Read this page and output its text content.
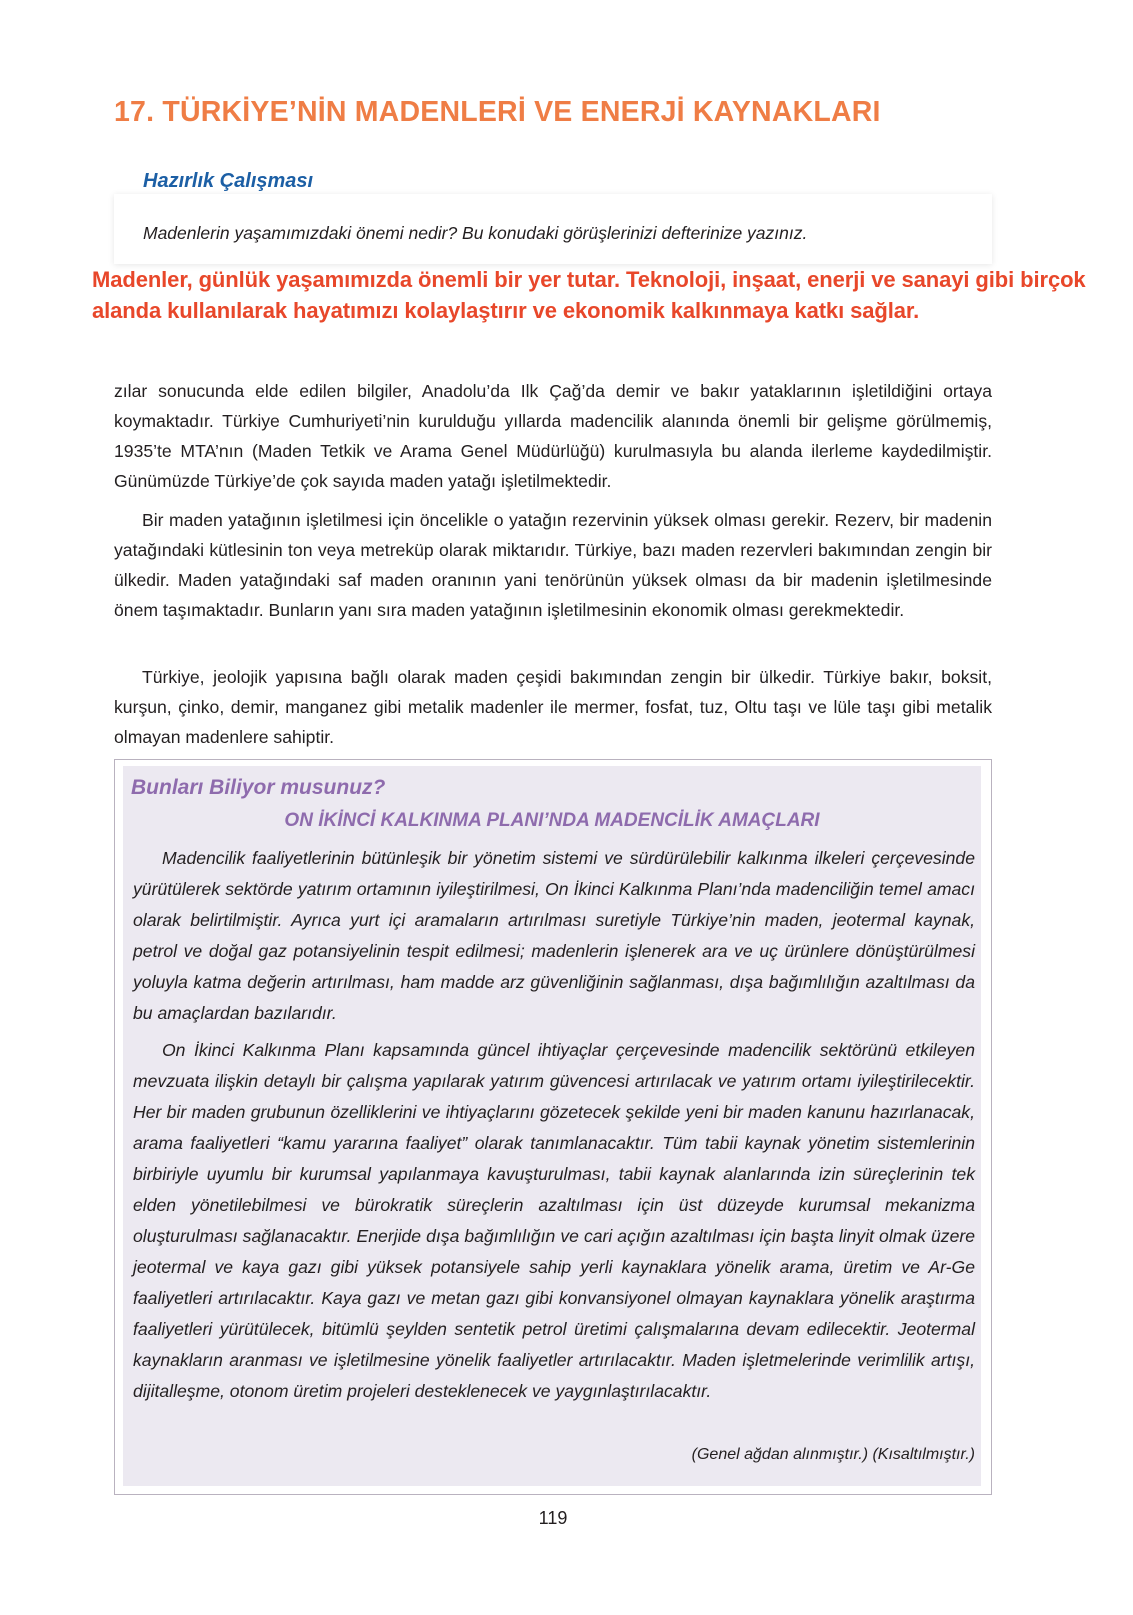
17. TÜRKİYE’NİN MADENLERİ VE ENERJİ KAYNAKLARI
Hazırlık Çalışması

Madenlerin yaşamımızdaki önemi nedir? Bu konudaki görüşlerinizi defterinize yazınız.

Madenler, günlük yaşamımızda önemli bir yer tutar. Teknoloji, inşaat, enerji ve sanayi gibi birçok alanda kullanılarak hayatımızı kolaylaştırır ve ekonomik kalkınmaya katkı sağlar.

zılar sonucunda elde edilen bilgiler, Anadolu’da Ilk Çağ’da demir ve bakır yataklarının işletildiğini ortaya koymaktadır. Türkiye Cumhuriyeti’nin kurulduğu yıllarda madencilik alanında önemli bir gelişme görülmemiş, 1935’te MTA’nın (Maden Tetkik ve Arama Genel Müdürlüğü) kurulmasıyla bu alanda ilerleme kaydedilmiştir. Günümüzde Türkiye’de çok sayıda maden yatağı işletilmektedir.

Bir maden yatağının işletilmesi için öncelikle o yatağın rezervinin yüksek olması gerekir. Rezerv, bir madenin yatağındaki kütlesinin ton veya metreküp olarak miktarıdır. Türkiye, bazı maden rezervleri bakımından zengin bir ülkedir. Maden yatağındaki saf maden oranının yani tenörünün yüksek olması da bir madenin işletilmesinde önem taşımaktadır. Bunların yanı sıra maden yatağının işletilmesinin ekonomik olması gerekmektedir.

Türkiye, jeolojik yapısına bağlı olarak maden çeşidi bakımından zengin bir ülkedir. Türkiye bakır, boksit, kurşun, çinko, demir, manganez gibi metalik madenler ile mermer, fosfat, tuz, Oltu taşı ve lüle taşı gibi metalik olmayan madenlere sahiptir.

Bunları Biliyor musunuz?
ON İKİNCİ KALKINMA PLANI’NDA MADENCİLİK AMAÇLARI

Madencilik faaliyetlerinin bütünleşik bir yönetim sistemi ve sürdürülebilir kalkınma ilkeleri çerçevesinde yürütülerek sektörde yatırım ortamının iyileştirilmesi, On İkinci Kalkınma Planı’nda madenciliğin temel amacı olarak belirtilmiştir. Ayrıca yurt içi aramaların artırılması suretiyle Türkiye’nin maden, jeotermal kaynak, petrol ve doğal gaz potansiyelinin tespit edilmesi; madenlerin işlenerek ara ve uç ürünlere dönüştürülmesi yoluyla katma değerin artırılması, ham madde arz güvenliğinin sağlanması, dışa bağımlılığın azaltılması da bu amaçlardan bazılarıdır.

On İkinci Kalkınma Planı kapsamında güncel ihtiyaçlar çerçevesinde madencilik sektörünü etkileyen mevzuata ilişkin detaylı bir çalışma yapılarak yatırım güvencesi artırılacak ve yatırım ortamı iyileştirilecektir. Her bir maden grubunun özelliklerini ve ihtiyaçlarını gözetecek şekilde yeni bir maden kanunu hazırlanacak, arama faaliyetleri “kamu yararına faaliyet” olarak tanımlanacaktır. Tüm tabii kaynak yönetim sistemlerinin birbiriyle uyumlu bir kurumsal yapılanmaya kavuşturulması, tabii kaynak alanlarında izin süreçlerinin tek elden yönetilebilmesi ve bürokratik süreçlerin azaltılması için üst düzeyde kurumsal mekanizma oluşturulması sağlanacaktır. Enerjide dışa bağımlılığın ve cari açığın azaltılması için başta linyit olmak üzere jeotermal ve kaya gazı gibi yüksek potansiyele sahip yerli kaynaklara yönelik arama, üretim ve Ar-Ge faaliyetleri artırılacaktır. Kaya gazı ve metan gazı gibi konvansiyonel olmayan kaynaklara yönelik araştırma faaliyetleri yürütülecek, bitümlü şeylden sentetik petrol üretimi çalışmalarına devam edilecektir. Jeotermal kaynakların aranması ve işletilmesine yönelik faaliyetler artırılacaktır. Maden işletmelerinde verimlilik artışı, dijitalleşme, otonom üretim projeleri desteklenecek ve yaygınlaştırılacaktır.

(Genel ağdan alınmıştır.) (Kısaltılmıştır.)

119
